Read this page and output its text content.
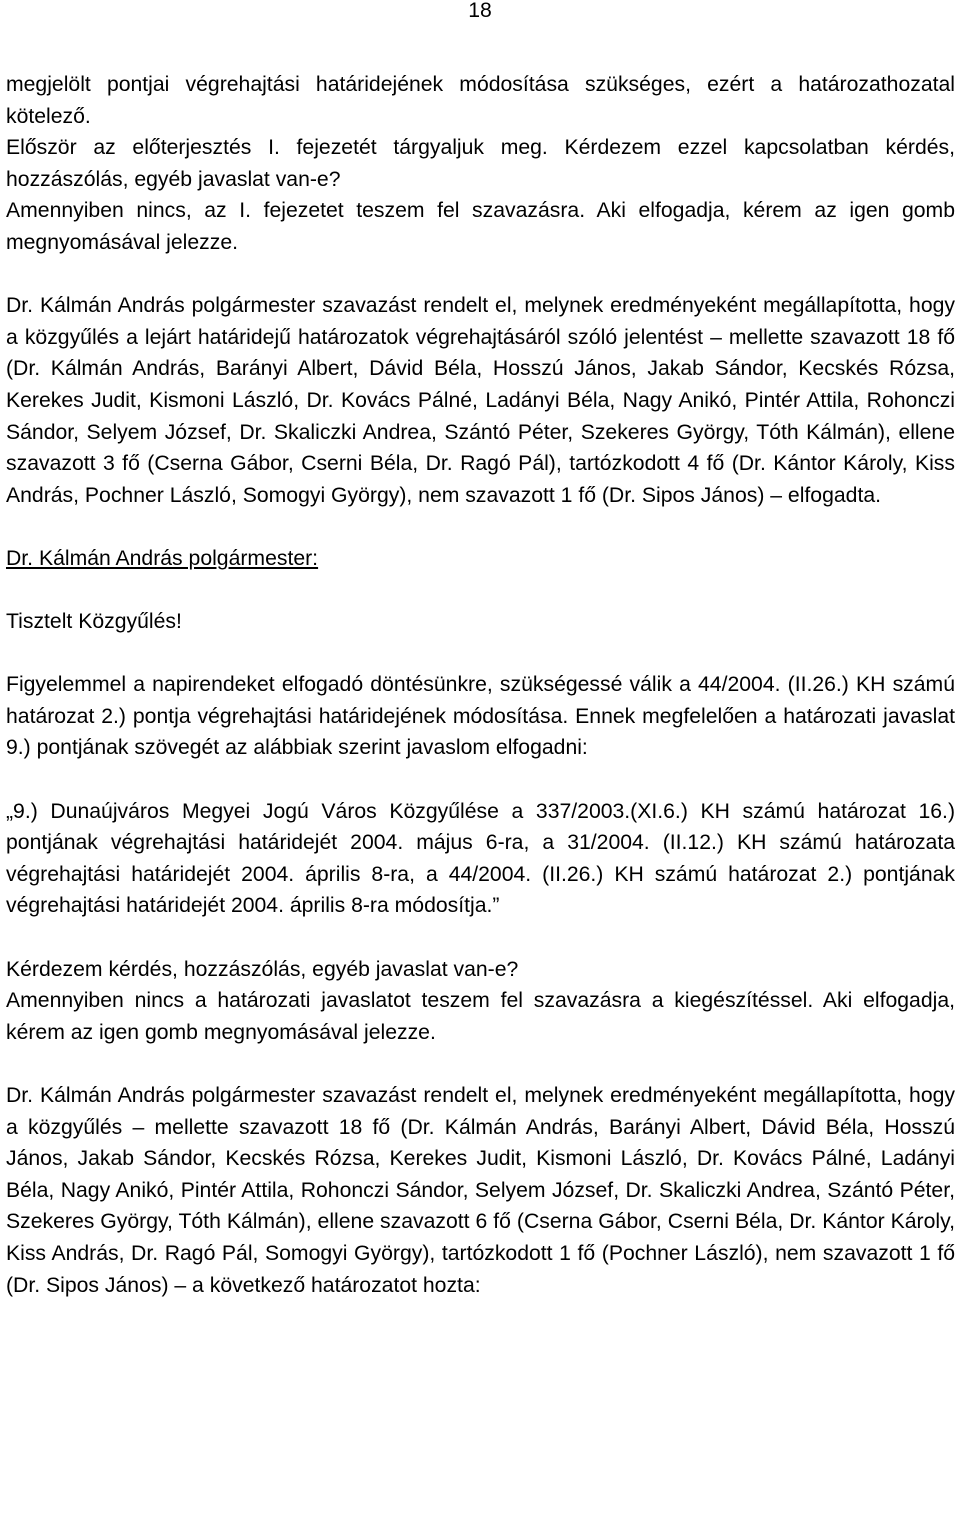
18

megjelölt pontjai végrehajtási határidejének módosítása szükséges, ezért a határozathozatal kötelező.

Először az előterjesztés I. fejezetét tárgyaljuk meg. Kérdezem ezzel kapcsolatban kérdés, hozzászólás, egyéb javaslat van-e?

Amennyiben nincs, az I. fejezetet teszem fel szavazásra. Aki elfogadja, kérem az igen gomb megnyomásával jelezze.

Dr. Kálmán András polgármester szavazást rendelt el, melynek eredményeként megállapította, hogy a közgyűlés a lejárt határidejű határozatok végrehajtásáról szóló jelentést – mellette szavazott 18 fő (Dr. Kálmán András, Barányi Albert, Dávid Béla, Hosszú János, Jakab Sándor, Kecskés Rózsa, Kerekes Judit, Kismoni László, Dr. Kovács Pálné, Ladányi Béla, Nagy Anikó, Pintér Attila, Rohonczi Sándor, Selyem József, Dr. Skaliczki Andrea, Szántó Péter, Szekeres György, Tóth Kálmán), ellene szavazott 3 fő (Cserna Gábor, Cserni Béla, Dr. Ragó Pál), tartózkodott 4 fő (Dr. Kántor Károly, Kiss András, Pochner László, Somogyi György), nem szavazott 1 fő (Dr. Sipos János) – elfogadta.

Dr. Kálmán András polgármester:

Tisztelt Közgyűlés!

Figyelemmel a napirendeket elfogadó döntésünkre, szükségessé válik a 44/2004. (II.26.) KH számú határozat 2.) pontja végrehajtási határidejének módosítása. Ennek megfelelően a határozati javaslat 9.) pontjának szövegét az alábbiak szerint javaslom elfogadni:

„9.) Dunaújváros Megyei Jogú Város Közgyűlése a 337/2003.(XI.6.) KH számú határozat 16.) pontjának végrehajtási határidejét 2004. május 6-ra, a 31/2004. (II.12.) KH számú határozata végrehajtási határidejét 2004. április 8-ra, a 44/2004. (II.26.) KH számú határozat 2.) pontjának végrehajtási határidejét 2004. április 8-ra módosítja.”

Kérdezem kérdés, hozzászólás, egyéb javaslat van-e?

Amennyiben nincs a határozati javaslatot teszem fel szavazásra a kiegészítéssel. Aki elfogadja, kérem az igen gomb megnyomásával jelezze.

Dr. Kálmán András polgármester szavazást rendelt el, melynek eredményeként megállapította, hogy a közgyűlés – mellette szavazott 18 fő (Dr. Kálmán András, Barányi Albert, Dávid Béla, Hosszú János, Jakab Sándor, Kecskés Rózsa, Kerekes Judit, Kismoni László, Dr. Kovács Pálné, Ladányi Béla, Nagy Anikó, Pintér Attila, Rohonczi Sándor, Selyem József, Dr. Skaliczki Andrea, Szántó Péter, Szekeres György, Tóth Kálmán), ellene szavazott 6 fő (Cserna Gábor, Cserni Béla, Dr. Kántor Károly, Kiss András, Dr. Ragó Pál, Somogyi György), tartózkodott 1 fő (Pochner László), nem szavazott 1 fő (Dr. Sipos János) – a következő határozatot hozta:
